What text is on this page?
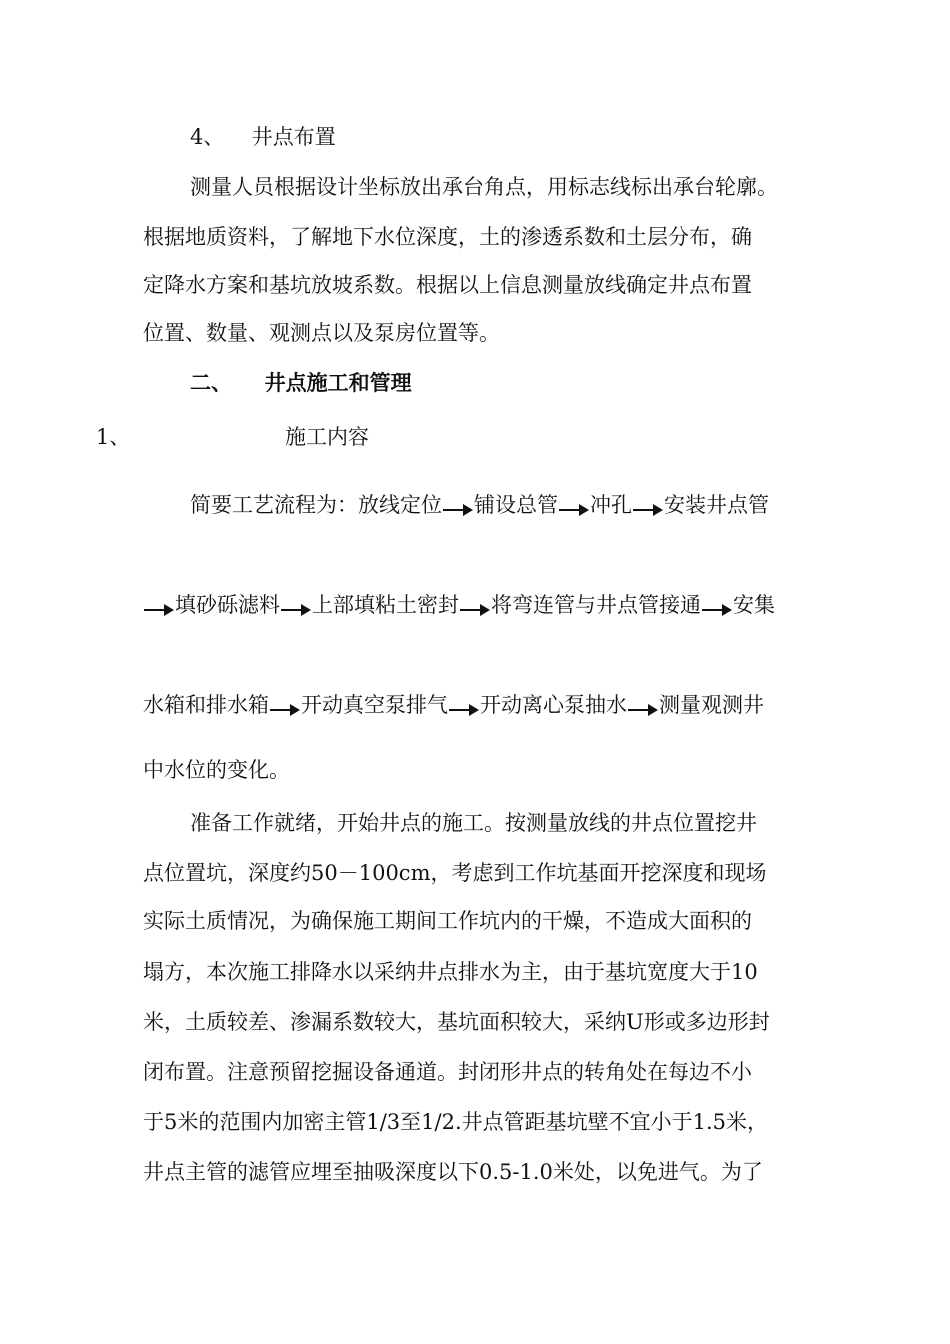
4、 井点布置
测量人员根据设计坐标放出承台角点，用标志线标出承台轮廓。
根据地质资料，了解地下水位深度，土的渗透系数和土层分布，确
定降水方案和基坑放坡系数。根据以上信息测量放线确定井点布置
位置、数量、观测点以及泵房位置等。
二、 井点施工和管理
1、	施工内容
简要工艺流程为： 放线定位 铺设总管 冲孔 安装井点管
填砂砾滤料 上部填粘土密封 将弯连管与井点管接通 安集
水箱和排水箱 开动真空泵排气 开动离心泵抽水 测量观测井
中水位的变化。
准备工作就绪，开始井点的施工。按测量放线的井点位置挖井
点位置坑，深度约50－100cm，考虑到工作坑基面开挖深度和现场
实际土质情况，为确保施工期间工作坑内的干燥，不造成大面积的
塌方，本次施工排降水以采纳井点排水为主，由于基坑宽度大于10
米，土质较差、渗漏系数较大，基坑面积较大，采纳U形或多边形封
闭布置。注意预留挖掘设备通道。封闭形井点的转角处在每边不小
于5米的范围内加密主管1/3至1/2.井点管距基坑壁不宜小于1.5米，
井点主管的滤管应埋至抽吸深度以下0.5-1.0米处，以免进气。为了
